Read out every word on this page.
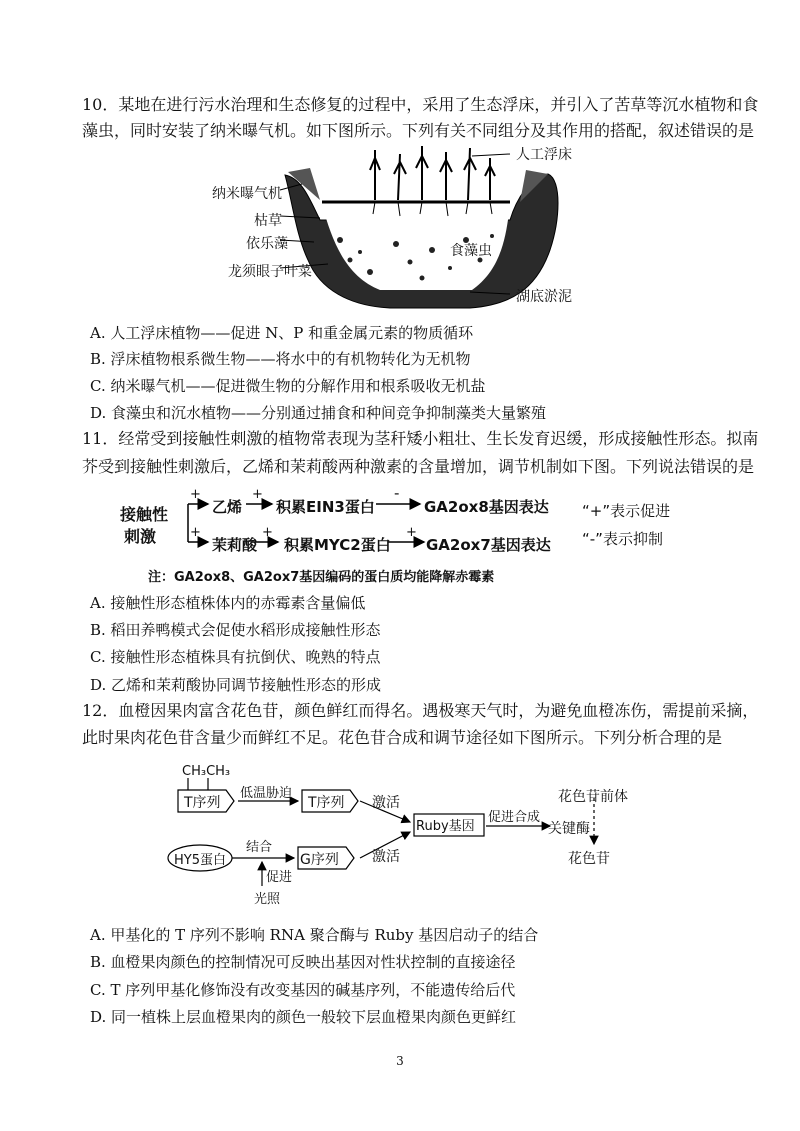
10．某地在进行污水治理和生态修复的过程中，采用了生态浮床，并引入了苦草等沉水植物和食
藻虫，同时安装了纳米曝气机。如下图所示。下列有关不同组分及其作用的搭配，叙述错误的是
人工浮床
纳米曝气机
枯草
依乐藻	食藻虫
龙须眼子叶菜
湖底淤泥
A. 人工浮床植物——促进 N、P 和重金属元素的物质循环
B. 浮床植物根系微生物——将水中的有机物转化为无机物
C. 纳米曝气机——促进微生物的分解作用和根系吸收无机盐
D. 食藻虫和沉水植物——分别通过捕食和种间竞争抑制藻类大量繁殖
11．经常受到接触性刺激的植物常表现为茎秆矮小粗壮、生长发育迟缓，形成接触性形态。拟南
芥受到接触性刺激后，乙烯和茉莉酸两种激素的含量增加，调节机制如下图。下列说法错误的是
接触性
刺激
+
乙烯
+
积累EIN3蛋白
-
GA2ox8基因表达
+
茉莉酸
+
积累MYC2蛋白
+
GA2ox7基因表达
“+”表示促进
“-”表示抑制
注：GA2ox8、GA2ox7基因编码的蛋白质均能降解赤霉素
A. 接触性形态植株体内的赤霉素含量偏低
B. 稻田养鸭模式会促使水稻形成接触性形态
C. 接触性形态植株具有抗倒伏、晚熟的特点
D. 乙烯和茉莉酸协同调节接触性形态的形成
12．血橙因果肉富含花色苷，颜色鲜红而得名。遇极寒天气时，为避免血橙冻伤，需提前采摘，
此时果肉花色苷含量少而鲜红不足。花色苷合成和调节途径如下图所示。下列分析合理的是
CH₃CH₃
T序列
低温胁迫
T序列 激活
Ruby基因
促进合成
关键酶
花色苷前体
花色苷
HY5蛋白
结合
G序列 激活
促进
光照
A. 甲基化的 T 序列不影响 RNA 聚合酶与 Ruby 基因启动子的结合
B. 血橙果肉颜色的控制情况可反映出基因对性状控制的直接途径
C. T 序列甲基化修饰没有改变基因的碱基序列，不能遗传给后代
D. 同一植株上层血橙果肉的颜色一般较下层血橙果肉颜色更鲜红
3
